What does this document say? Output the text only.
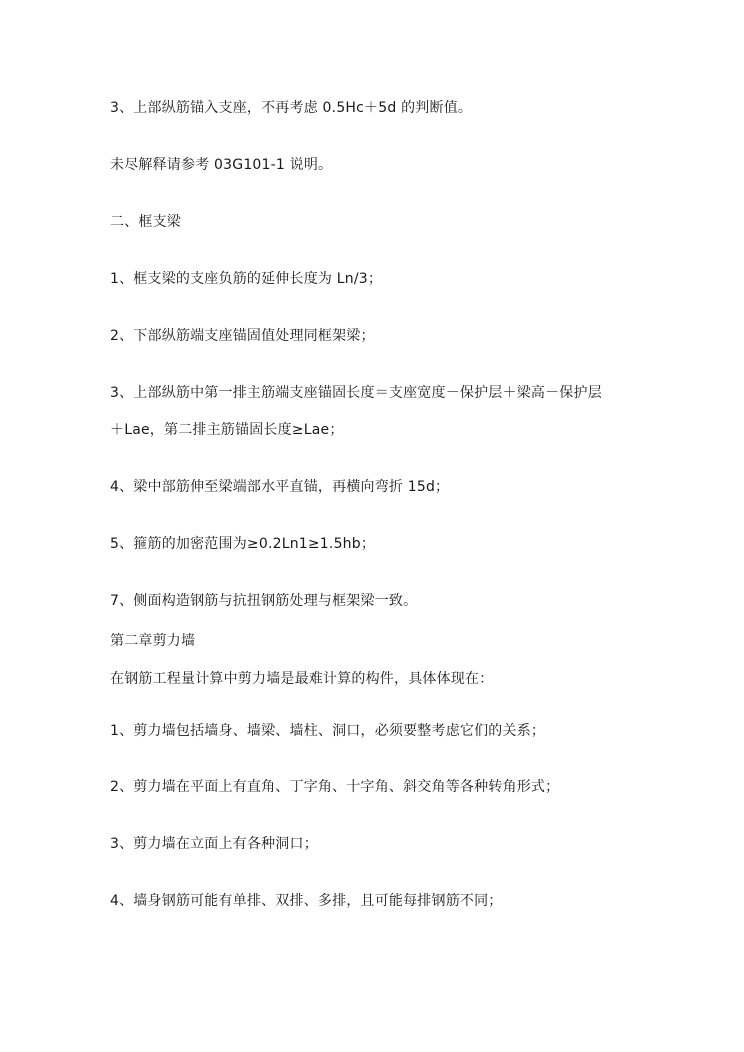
3、上部纵筋锚入支座，不再考虑 0.5Hc＋5d 的判断值。
未尽解释请参考 03G101-1 说明。
二、框支梁
1、框支梁的支座负筋的延伸长度为 Ln/3；
2、下部纵筋端支座锚固值处理同框架梁；
3、上部纵筋中第一排主筋端支座锚固长度＝支座宽度－保护层＋梁高－保护层
＋Lae，第二排主筋锚固长度≥Lae；
4、梁中部筋伸至梁端部水平直锚，再横向弯折 15d；
5、箍筋的加密范围为≥0.2Ln1≥1.5hb；
7、侧面构造钢筋与抗扭钢筋处理与框架梁一致。
第二章剪力墙
在钢筋工程量计算中剪力墙是最难计算的构件，具体体现在：
1、剪力墙包括墙身、墙梁、墙柱、洞口，必须要整考虑它们的关系；
2、剪力墙在平面上有直角、丁字角、十字角、斜交角等各种转角形式；
3、剪力墙在立面上有各种洞口；
4、墙身钢筋可能有单排、双排、多排，且可能每排钢筋不同；
